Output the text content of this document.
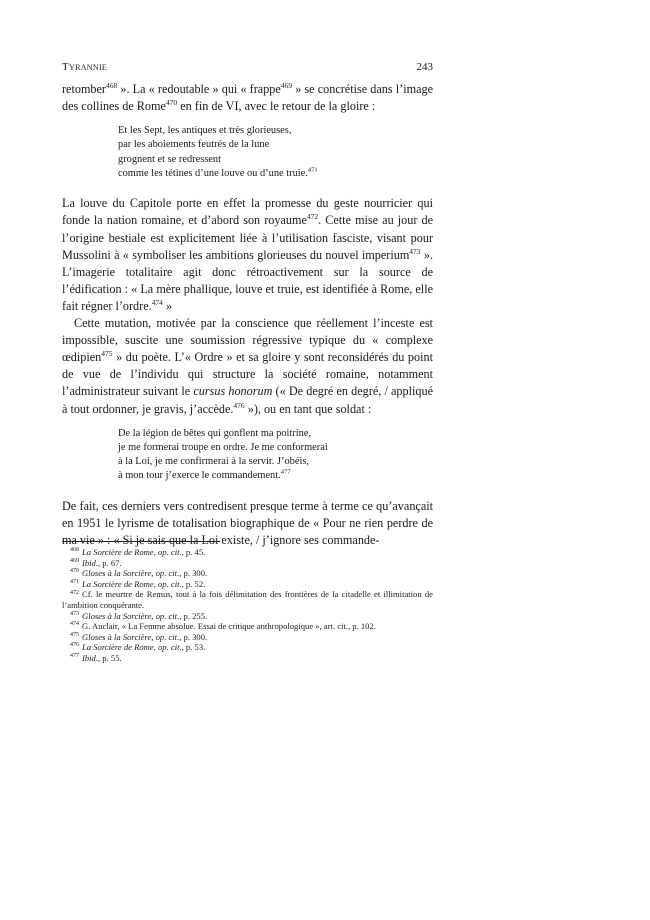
Tyrannie	243

retomber$^{468}$ ». La « redoutable » qui « frappe$^{469}$ » se concrétise dans l’image des collines de Rome$^{470}$ en fin de VI, avec le retour de la gloire :

Et les Sept, les antiques et très glorieuses,
par les aboiements feutrés de la lune
grognent et se redressent
comme les tétines d’une louve ou d’une truie.$^{471}$

La louve du Capitole porte en effet la promesse du geste nourricier qui fonde la nation romaine, et d’abord son royaume$^{472}$. Cette mise au jour de l’origine bestiale est explicitement liée à l’utilisation fasciste, visant pour Mussolini à « symboliser les ambitions glorieuses du nouvel imperium$^{473}$ ». L’imagerie totalitaire agit donc rétroactivement sur la source de l’édification : « La mère phallique, louve et truie, est identifiée à Rome, elle fait régner l’ordre.$^{474}$ »

Cette mutation, motivée par la conscience que réellement l’inceste est impossible, suscite une soumission régressive typique du « complexe œdipien$^{475}$ » du poète. L’« Ordre » et sa gloire y sont reconsidérés du point de vue de l’individu qui structure la société romaine, notamment l’administrateur suivant le cursus honorum (« De degré en degré, / appliqué à tout ordonner, je gravis, j’accède.$^{476}$ »), ou en tant que soldat :

De la légion de bêtes qui gonflent ma poitrine,
je me formerai troupe en ordre. Je me conformerai
à la Loi, je me confirmerai à la servir. J’obéis,
à mon tour j’exerce le commandement.$^{477}$

De fait, ces derniers vers contredisent presque terme à terme ce qu’avançait en 1951 le lyrisme de totalisation biographique de « Pour ne rien perdre de ma vie » : « Si je sais que la Loi existe, / j’ignore ses commande-

$^{468}$ La Sorcière de Rome, op. cit., p. 45.

$^{469}$ Ibid., p. 67.

$^{470}$ Gloses à la Sorcière, op. cit., p. 300.

$^{471}$ La Sorcière de Rome, op. cit., p. 52.

$^{472}$ Cf. le meurtre de Remus, tout à la fois délimitation des frontières de la citadelle et illimitation de l’ambition conquérante.

$^{473}$ Gloses à la Sorcière, op. cit., p. 255.

$^{474}$ G. Auclair, « La Femme absolue. Essai de critique anthropologique », art. cit., p. 102.

$^{475}$ Gloses à la Sorcière, op. cit., p. 300.

$^{476}$ La Sorcière de Rome, op. cit., p. 53.

$^{477}$ Ibid., p. 55.
